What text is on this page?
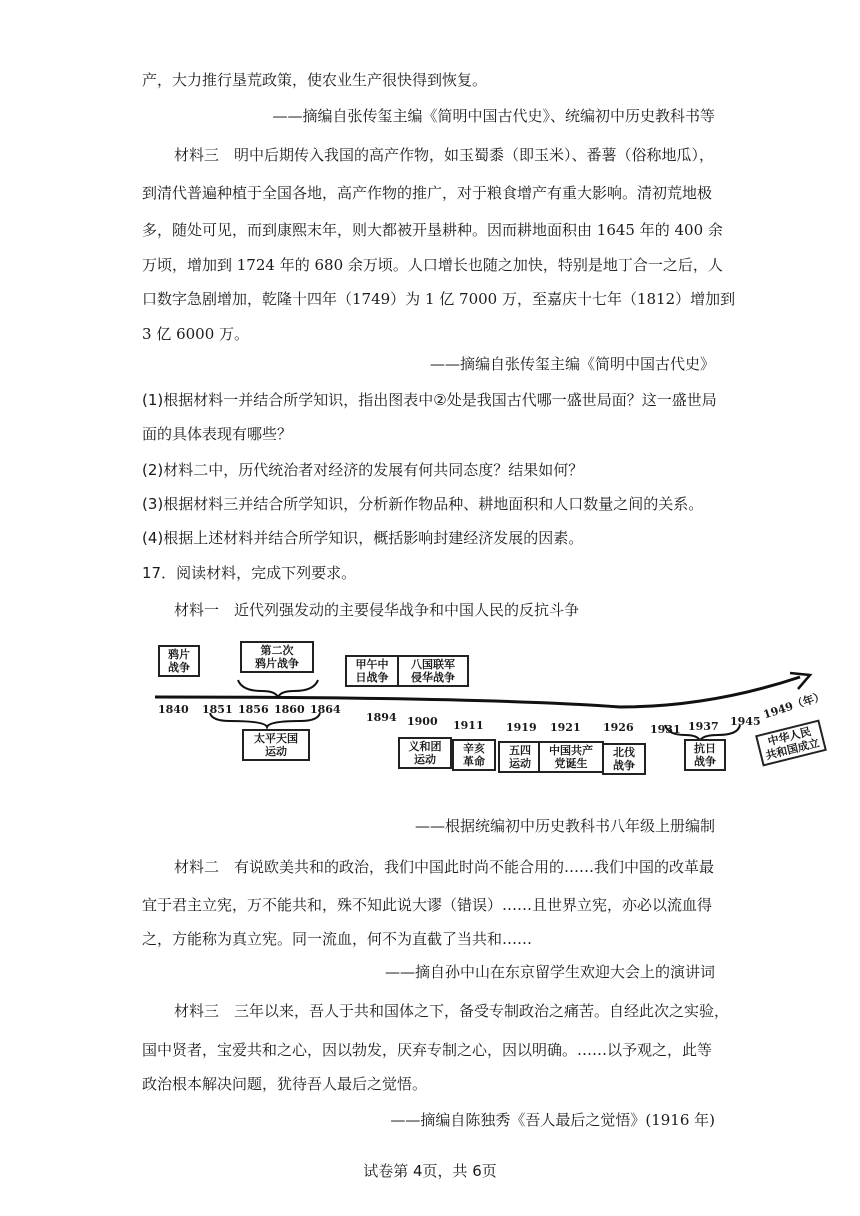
产，大力推行垦荒政策，使农业生产很快得到恢复。
——摘编自张传玺主编《简明中国古代史》、统编初中历史教科书等
材料三　明中后期传入我国的高产作物，如玉蜀黍（即玉米）、番薯（俗称地瓜），
到清代普遍种植于全国各地，高产作物的推广，对于粮食增产有重大影响。清初荒地极
多，随处可见，而到康熙末年，则大都被开垦耕种。因而耕地面积由 1645 年的 400 余
万顷，增加到 1724 年的 680 余万顷。人口增长也随之加快，特别是地丁合一之后，人
口数字急剧增加，乾隆十四年（1749）为 1 亿 7000 万，至嘉庆十七年（1812）增加到
3 亿 6000 万。
——摘编自张传玺主编《简明中国古代史》
(1)根据材料一并结合所学知识，指出图表中②处是我国古代哪一盛世局面？这一盛世局
面的具体表现有哪些？
(2)材料二中，历代统治者对经济的发展有何共同态度？结果如何？
(3)根据材料三并结合所学知识，分析新作物品种、耕地面积和人口数量之间的关系。
(4)根据上述材料并结合所学知识，概括影响封建经济发展的因素。
17．阅读材料，完成下列要求。
材料一　近代列强发动的主要侵华战争和中国人民的反抗斗争
1840 1851 1856 1860 1864
1894 1900 1911 1919 1921 1926 1931 1937 1945
1949（年）
鸦片
战争
第二次
鸦片战争	甲午中
日战争
八国联军
侵华战争
太平天国
运动	义和团
运动
辛亥
革命
五四
运动
中国共产
党诞生
北伐
战争
抗日
战争
中华人民
共和国成立
——根据统编初中历史教科书八年级上册编制
材料二　有说欧美共和的政治，我们中国此时尚不能合用的……我们中国的改革最
宜于君主立宪，万不能共和，殊不知此说大谬（错误）……且世界立宪，亦必以流血得
之，方能称为真立宪。同一流血，何不为直截了当共和……
——摘自孙中山在东京留学生欢迎大会上的演讲词
材料三　三年以来，吾人于共和国体之下，备受专制政治之痛苦。自经此次之实验，
国中贤者，宝爱共和之心，因以勃发，厌弃专制之心，因以明确。……以予观之，此等
政治根本解决问题，犹待吾人最后之觉悟。
——摘编自陈独秀《吾人最后之觉悟》(1916 年)
试卷第 4页，共 6页
